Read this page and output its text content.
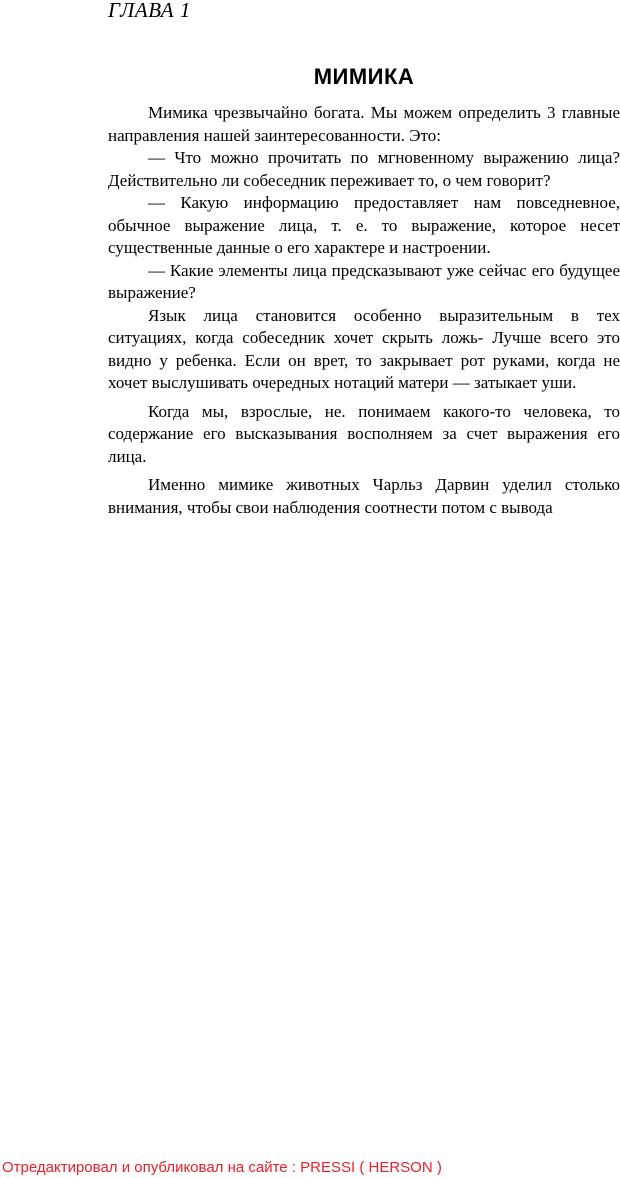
ГЛАВА 1
МИМИКА

Мимика чрезвычайно богата. Мы можем определить 3 главные направления нашей заинтересованности. Это:

— Что можно прочитать по мгновенному выражению лица? Действительно ли собеседник переживает то, о чем говорит?

— Какую информацию предоставляет нам повседневное, обычное выражение лица, т. е. то выражение, которое несет существенные данные о его характере и настроении.

— Какие элементы лица предсказывают уже сейчас его будущее выражение?

Язык лица становится особенно выразительным в тех ситуациях, когда собеседник хочет скрыть ложь- Лучше всего это видно у ребенка. Если он врет, то закрывает рот руками, когда не хочет выслушивать очередных нотаций матери — затыкает уши.

Когда мы, взрослые, не. понимаем какого-то человека, то содержание его высказывания восполняем за счет выражения его лица.

Именно мимике животных Чарльз Дарвин уделил столько внимания, чтобы свои наблюдения соотнести потом с вывода

Отредактировал и опубликовал на сайте : PRESSI ( HERSON )
